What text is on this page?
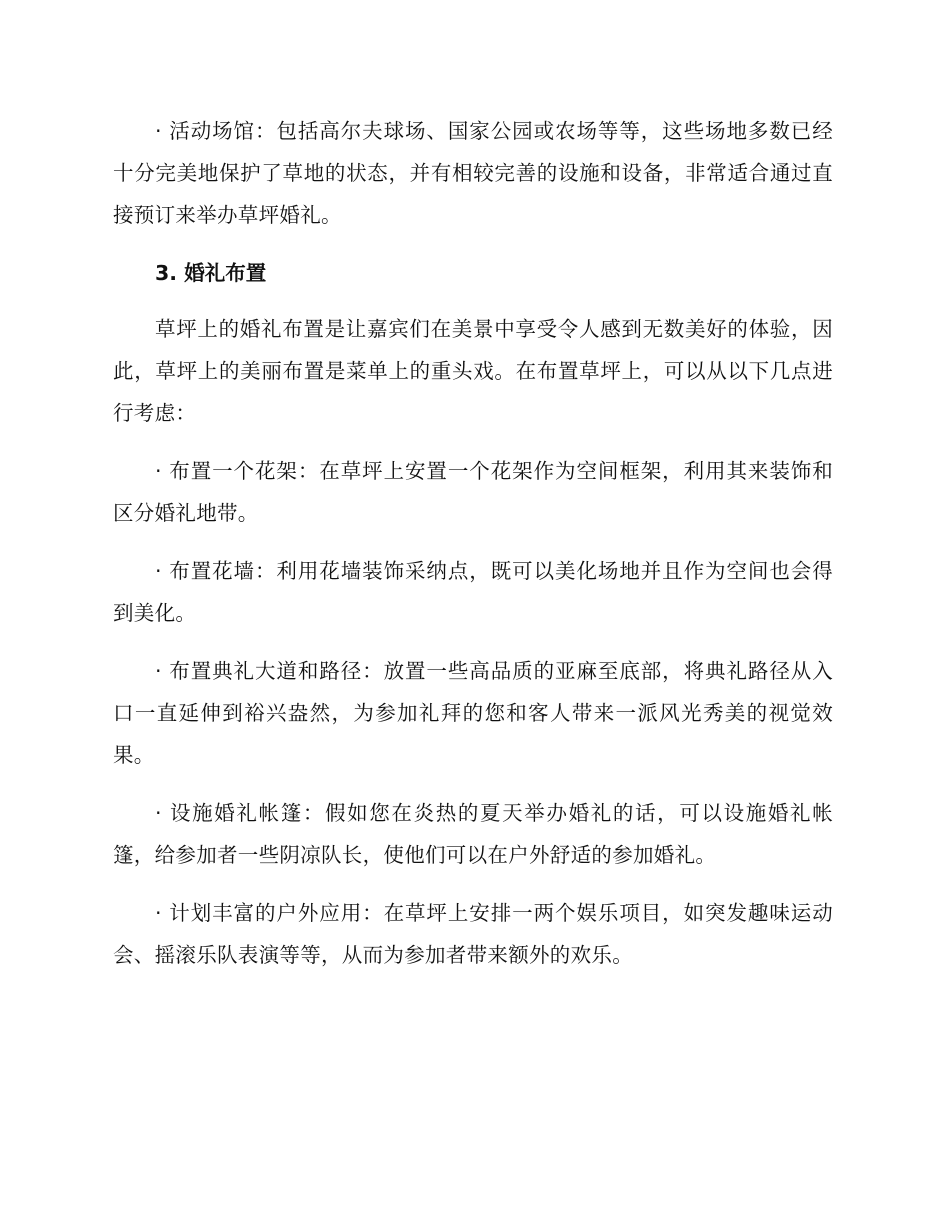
· 活动场馆：包括高尔夫球场、国家公园或农场等等，这些场地多数已经十分完美地保护了草地的状态，并有相较完善的设施和设备，非常适合通过直接预订来举办草坪婚礼。

3. 婚礼布置

草坪上的婚礼布置是让嘉宾们在美景中享受令人感到无数美好的体验，因此，草坪上的美丽布置是菜单上的重头戏。在布置草坪上，可以从以下几点进行考虑：

· 布置一个花架：在草坪上安置一个花架作为空间框架，利用其来装饰和区分婚礼地带。

· 布置花墙：利用花墙装饰采纳点，既可以美化场地并且作为空间也会得到美化。

· 布置典礼大道和路径：放置一些高品质的亚麻至底部，将典礼路径从入口一直延伸到裕兴盎然，为参加礼拜的您和客人带来一派风光秀美的视觉效果。

· 设施婚礼帐篷：假如您在炎热的夏天举办婚礼的话，可以设施婚礼帐篷，给参加者一些阴凉队长，使他们可以在户外舒适的参加婚礼。

· 计划丰富的户外应用：在草坪上安排一两个娱乐项目，如突发趣味运动会、摇滚乐队表演等等，从而为参加者带来额外的欢乐。
